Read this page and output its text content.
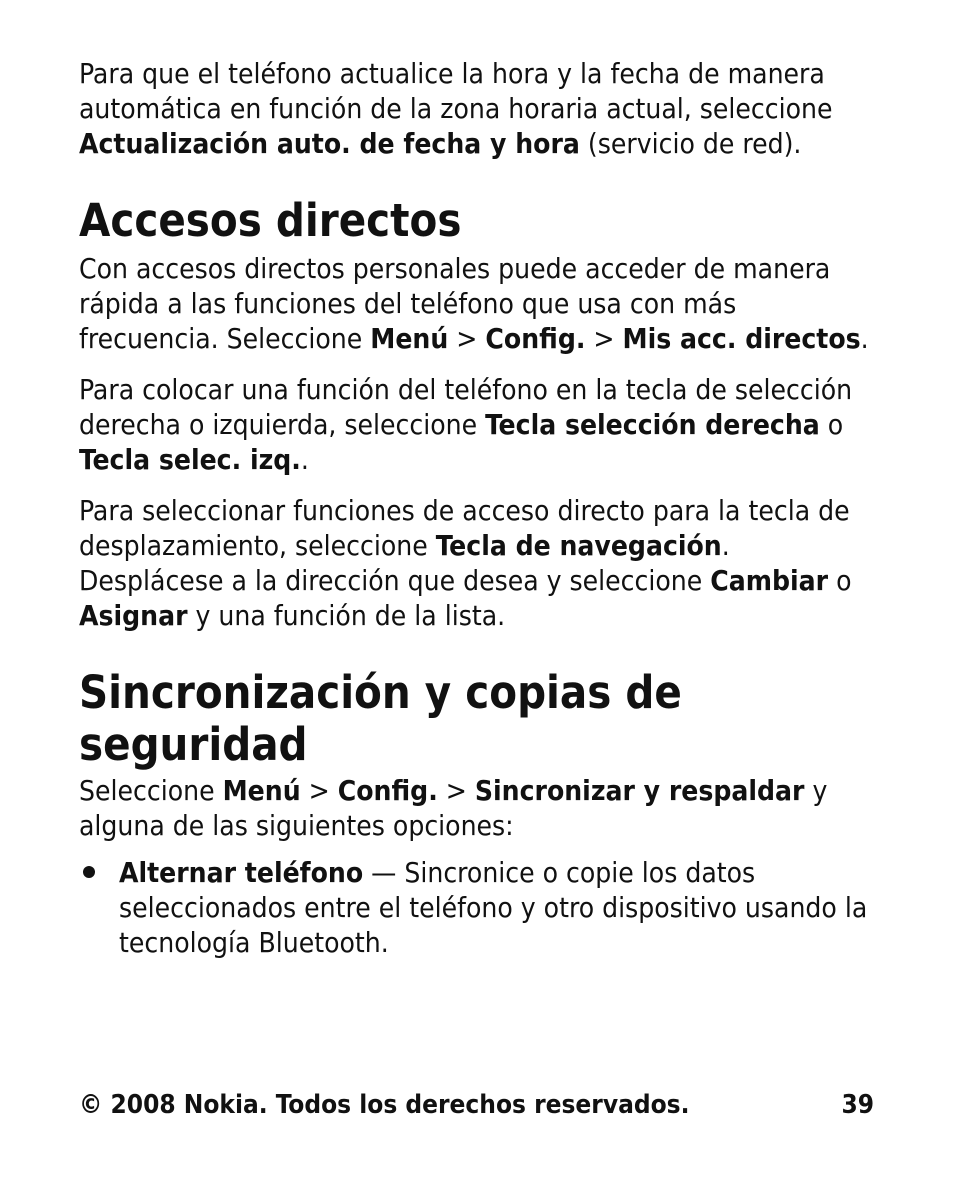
Para que el teléfono actualice la hora y la fecha de manera automática en función de la zona horaria actual, seleccione Actualización auto. de fecha y hora (servicio de red).

Accesos directos

Con accesos directos personales puede acceder de manera rápida a las funciones del teléfono que usa con más frecuencia. Seleccione Menú > Config. > Mis acc. directos.

Para colocar una función del teléfono en la tecla de selección derecha o izquierda, seleccione Tecla selección derecha o Tecla selec. izq..

Para seleccionar funciones de acceso directo para la tecla de desplazamiento, seleccione Tecla de navegación. Desplácese a la dirección que desea y seleccione Cambiar o Asignar y una función de la lista.

Sincronización y copias de seguridad

Seleccione Menú > Config. > Sincronizar y respaldar y alguna de las siguientes opciones:

Alternar teléfono — Sincronice o copie los datos seleccionados entre el teléfono y otro dispositivo usando la tecnología Bluetooth.
© 2008 Nokia. Todos los derechos reservados.	39
